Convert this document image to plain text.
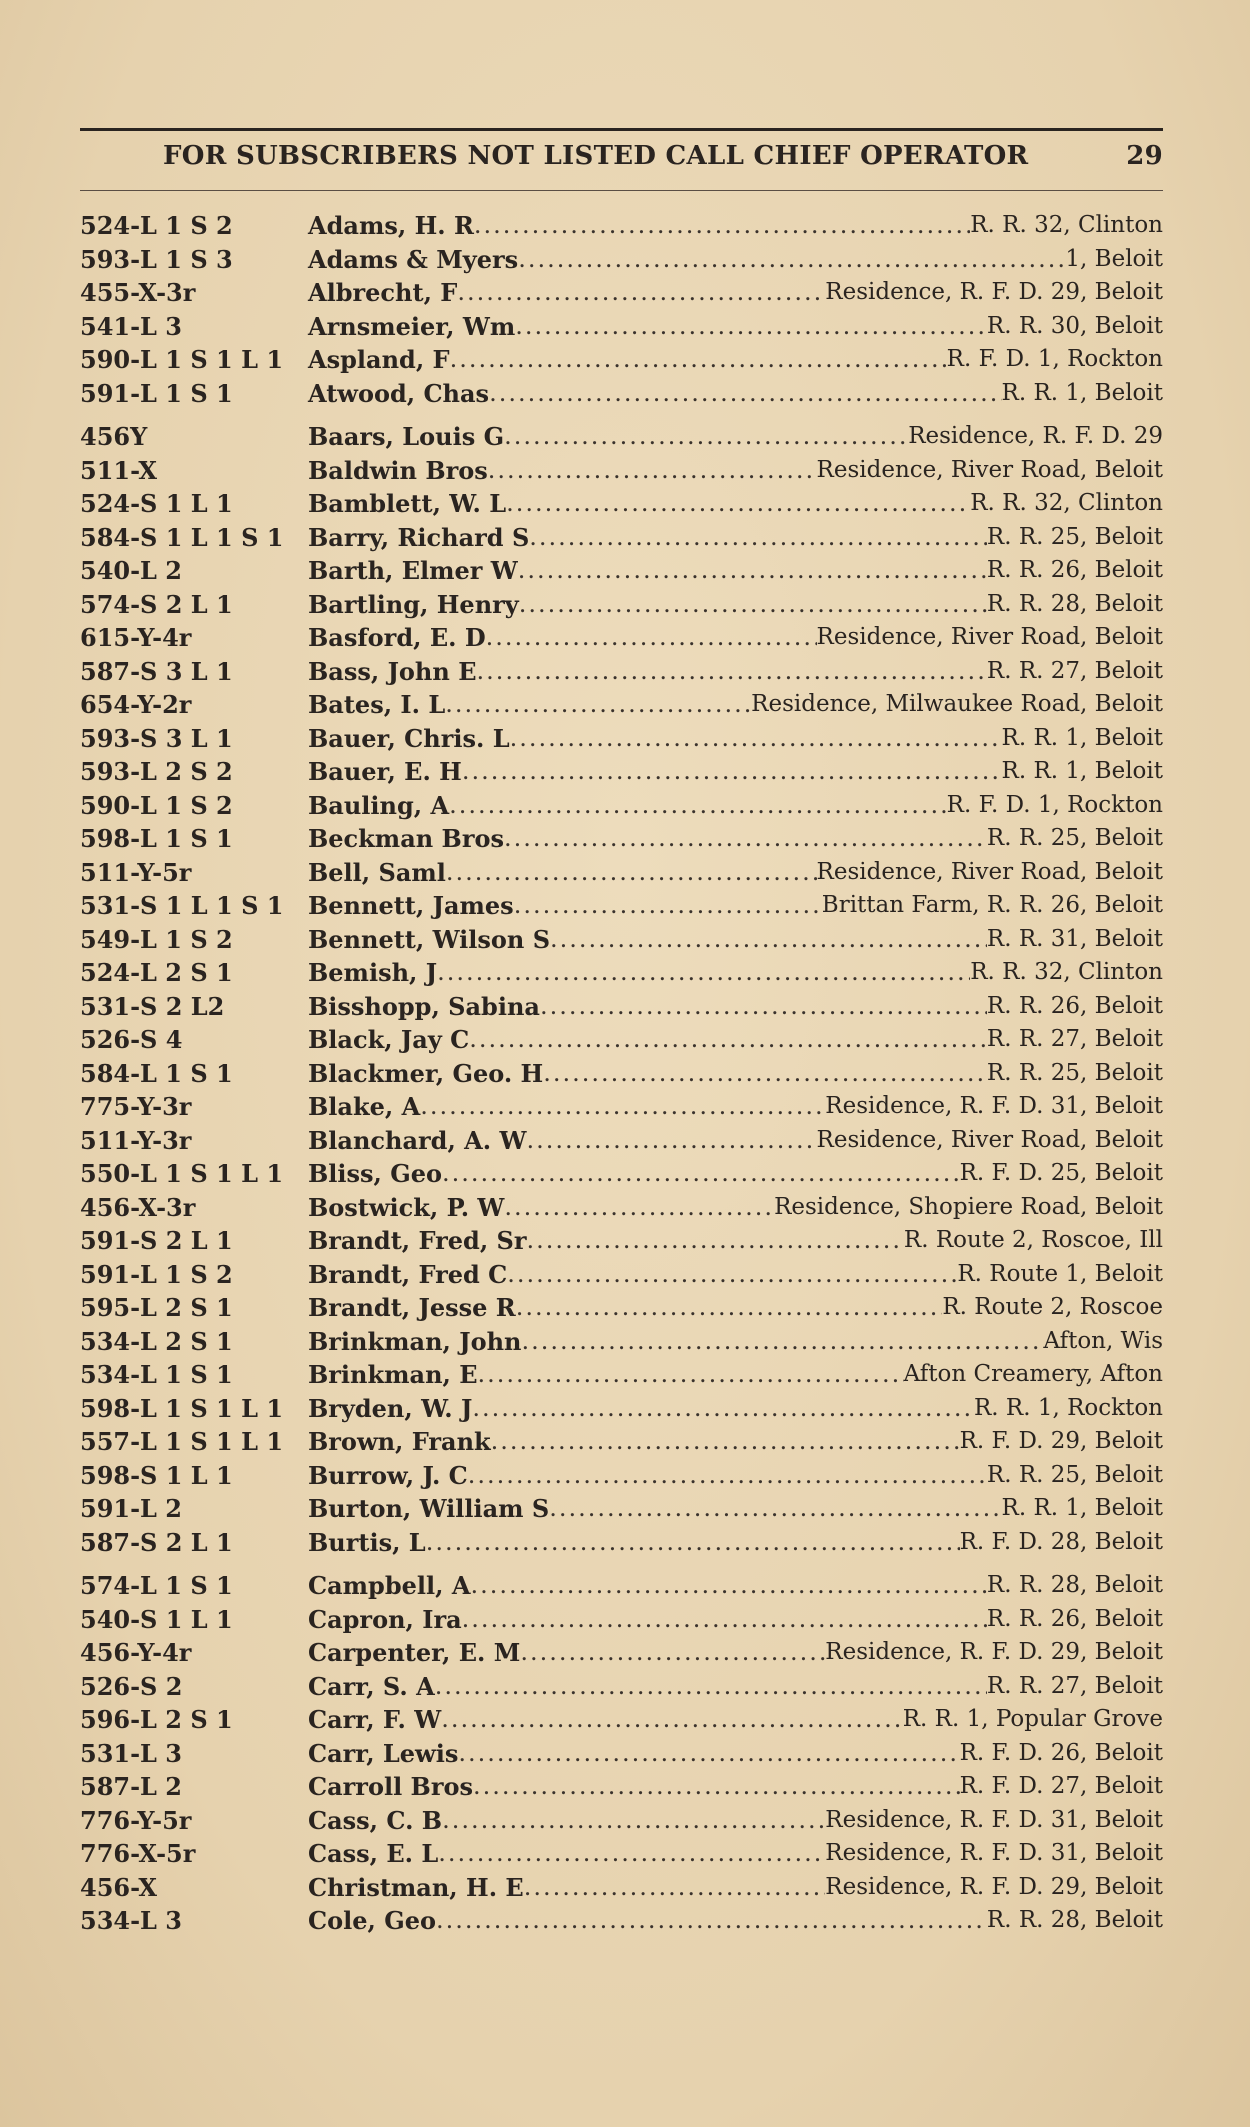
FOR SUBSCRIBERS NOT LISTED CALL CHIEF OPERATOR	29
524-L 1 S 2	Adams, H. R .....	R. R. 32, Clinton
593-L 1 S 3	Adams & Myers .....	1, Beloit
455-X-3r	Albrecht, F .....	Residence, R. F. D. 29, Beloit
541-L 3	Arnsmeier, Wm .....	R. R. 30, Beloit
590-L 1 S 1 L 1	Aspland, F .....	R. F. D. 1, Rockton
591-L 1 S 1	Atwood, Chas .....	R. R. 1, Beloit
456Y	Baars, Louis G .....	Residence, R. F. D. 29
511-X	Baldwin Bros .....	Residence, River Road, Beloit
524-S 1 L 1	Bamblett, W. L .....	R. R. 32, Clinton
584-S 1 L 1 S 1	Barry, Richard S .....	R. R. 25, Beloit
540-L 2	Barth, Elmer W .....	R. R. 26, Beloit
574-S 2 L 1	Bartling, Henry .....	R. R. 28, Beloit
615-Y-4r	Basford, E. D .....	Residence, River Road, Beloit
587-S 3 L 1	Bass, John E .....	R. R. 27, Beloit
654-Y-2r	Bates, I. L .....	Residence, Milwaukee Road, Beloit
593-S 3 L 1	Bauer, Chris. L .....	R. R. 1, Beloit
593-L 2 S 2	Bauer, E. H .....	R. R. 1, Beloit
590-L 1 S 2	Bauling, A .....	R. F. D. 1, Rockton
598-L 1 S 1	Beckman Bros .....	R. R. 25, Beloit
511-Y-5r	Bell, Saml .....	Residence, River Road, Beloit
531-S 1 L 1 S 1	Bennett, James .....	Brittan Farm, R. R. 26, Beloit
549-L 1 S 2	Bennett, Wilson S .....	R. R. 31, Beloit
524-L 2 S 1	Bemish, J .....	R. R. 32, Clinton
531-S 2 L2	Bisshopp, Sabina .....	R. R. 26, Beloit
526-S 4	Black, Jay C .....	R. R. 27, Beloit
584-L 1 S 1	Blackmer, Geo. H .....	R. R. 25, Beloit
775-Y-3r	Blake, A .....	Residence, R. F. D. 31, Beloit
511-Y-3r	Blanchard, A. W .....	Residence, River Road, Beloit
550-L 1 S 1 L 1	Bliss, Geo .....	R. F. D. 25, Beloit
456-X-3r	Bostwick, P. W .....	Residence, Shopiere Road, Beloit
591-S 2 L 1	Brandt, Fred, Sr .....	R. Route 2, Roscoe, Ill
591-L 1 S 2	Brandt, Fred C .....	R. Route 1, Beloit
595-L 2 S 1	Brandt, Jesse R .....	R. Route 2, Roscoe
534-L 2 S 1	Brinkman, John .....	Afton, Wis
534-L 1 S 1	Brinkman, E .....	Afton Creamery, Afton
598-L 1 S 1 L 1	Bryden, W. J .....	R. R. 1, Rockton
557-L 1 S 1 L 1	Brown, Frank .....	R. F. D. 29, Beloit
598-S 1 L 1	Burrow, J. C .....	R. R. 25, Beloit
591-L 2	Burton, William S .....	R. R. 1, Beloit
587-S 2 L 1	Burtis, L .....	R. F. D. 28, Beloit
574-L 1 S 1	Campbell, A .....	R. R. 28, Beloit
540-S 1 L 1	Capron, Ira .....	R. R. 26, Beloit
456-Y-4r	Carpenter, E. M .....	Residence, R. F. D. 29, Beloit
526-S 2	Carr, S. A .....	R. R. 27, Beloit
596-L 2 S 1	Carr, F. W .....	R. R. 1, Popular Grove
531-L 3	Carr, Lewis .....	R. F. D. 26, Beloit
587-L 2	Carroll Bros .....	R. F. D. 27, Beloit
776-Y-5r	Cass, C. B .....	Residence, R. F. D. 31, Beloit
776-X-5r	Cass, E. L .....	Residence, R. F. D. 31, Beloit
456-X	Christman, H. E .....	Residence, R. F. D. 29, Beloit
534-L 3	Cole, Geo .....	R. R. 28, Beloit
